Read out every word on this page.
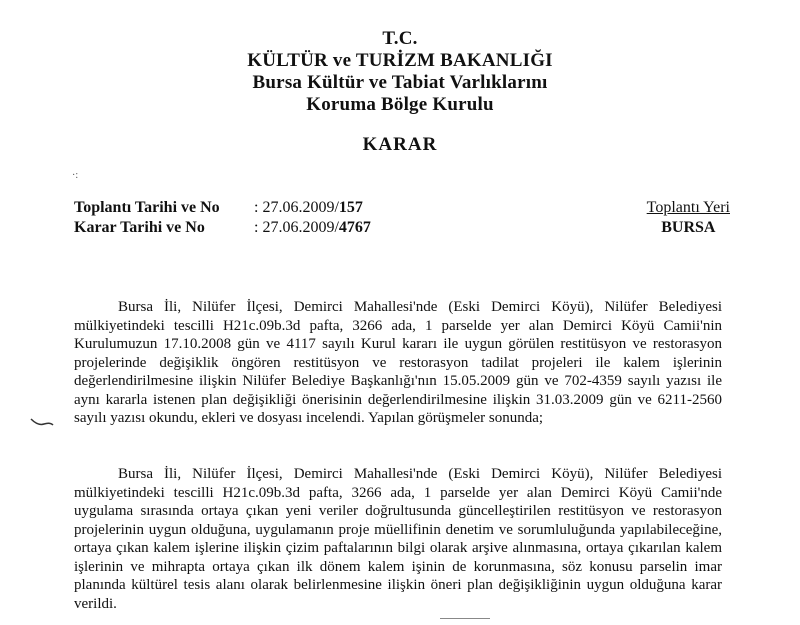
T.C.
KÜLTÜR ve TURİZM BAKANLIĞI
Bursa Kültür ve Tabiat Varlıklarını
Koruma Bölge Kurulu
KARAR
·:
Toplantı Tarihi ve No	: 27.06.2009/157
Karar Tarihi ve No	: 27.06.2009/4767
Toplantı Yeri
BURSA
Bursa İli, Nilüfer İlçesi, Demirci Mahallesi'nde (Eski Demirci Köyü), Nilüfer Belediyesi mülkiyetindeki tescilli H21c.09b.3d pafta, 3266 ada, 1 parselde yer alan Demirci Köyü Camii'nin Kurulumuzun 17.10.2008 gün ve 4117 sayılı Kurul kararı ile uygun görülen restitüsyon ve restorasyon projelerinde değişiklik öngören restitüsyon ve restorasyon tadilat projeleri ile kalem işlerinin değerlendirilmesine ilişkin Nilüfer Belediye Başkanlığı'nın 15.05.2009 gün ve 702-4359 sayılı yazısı ile aynı kararla istenen plan değişikliği önerisinin değerlendirilmesine ilişkin 31.03.2009 gün ve 6211-2560 sayılı yazısı okundu, ekleri ve dosyası incelendi. Yapılan görüşmeler sonunda;
Bursa İli, Nilüfer İlçesi, Demirci Mahallesi'nde (Eski Demirci Köyü), Nilüfer Belediyesi mülkiyetindeki tescilli H21c.09b.3d pafta, 3266 ada, 1 parselde yer alan Demirci Köyü Camii'nde uygulama sırasında ortaya çıkan yeni veriler doğrultusunda güncelleştirilen restitüsyon ve restorasyon projelerinin uygun olduğuna, uygulamanın proje müellifinin denetim ve sorumluluğunda yapılabileceğine, ortaya çıkan kalem işlerine ilişkin çizim paftalarının bilgi olarak arşive alınmasına, ortaya çıkarılan kalem işlerinin ve mihrapta ortaya çıkan ilk dönem kalem işinin de korunmasına, söz konusu parselin imar planında kültürel tesis alanı olarak belirlenmesine ilişkin öneri plan değişikliğinin uygun olduğuna karar verildi.
